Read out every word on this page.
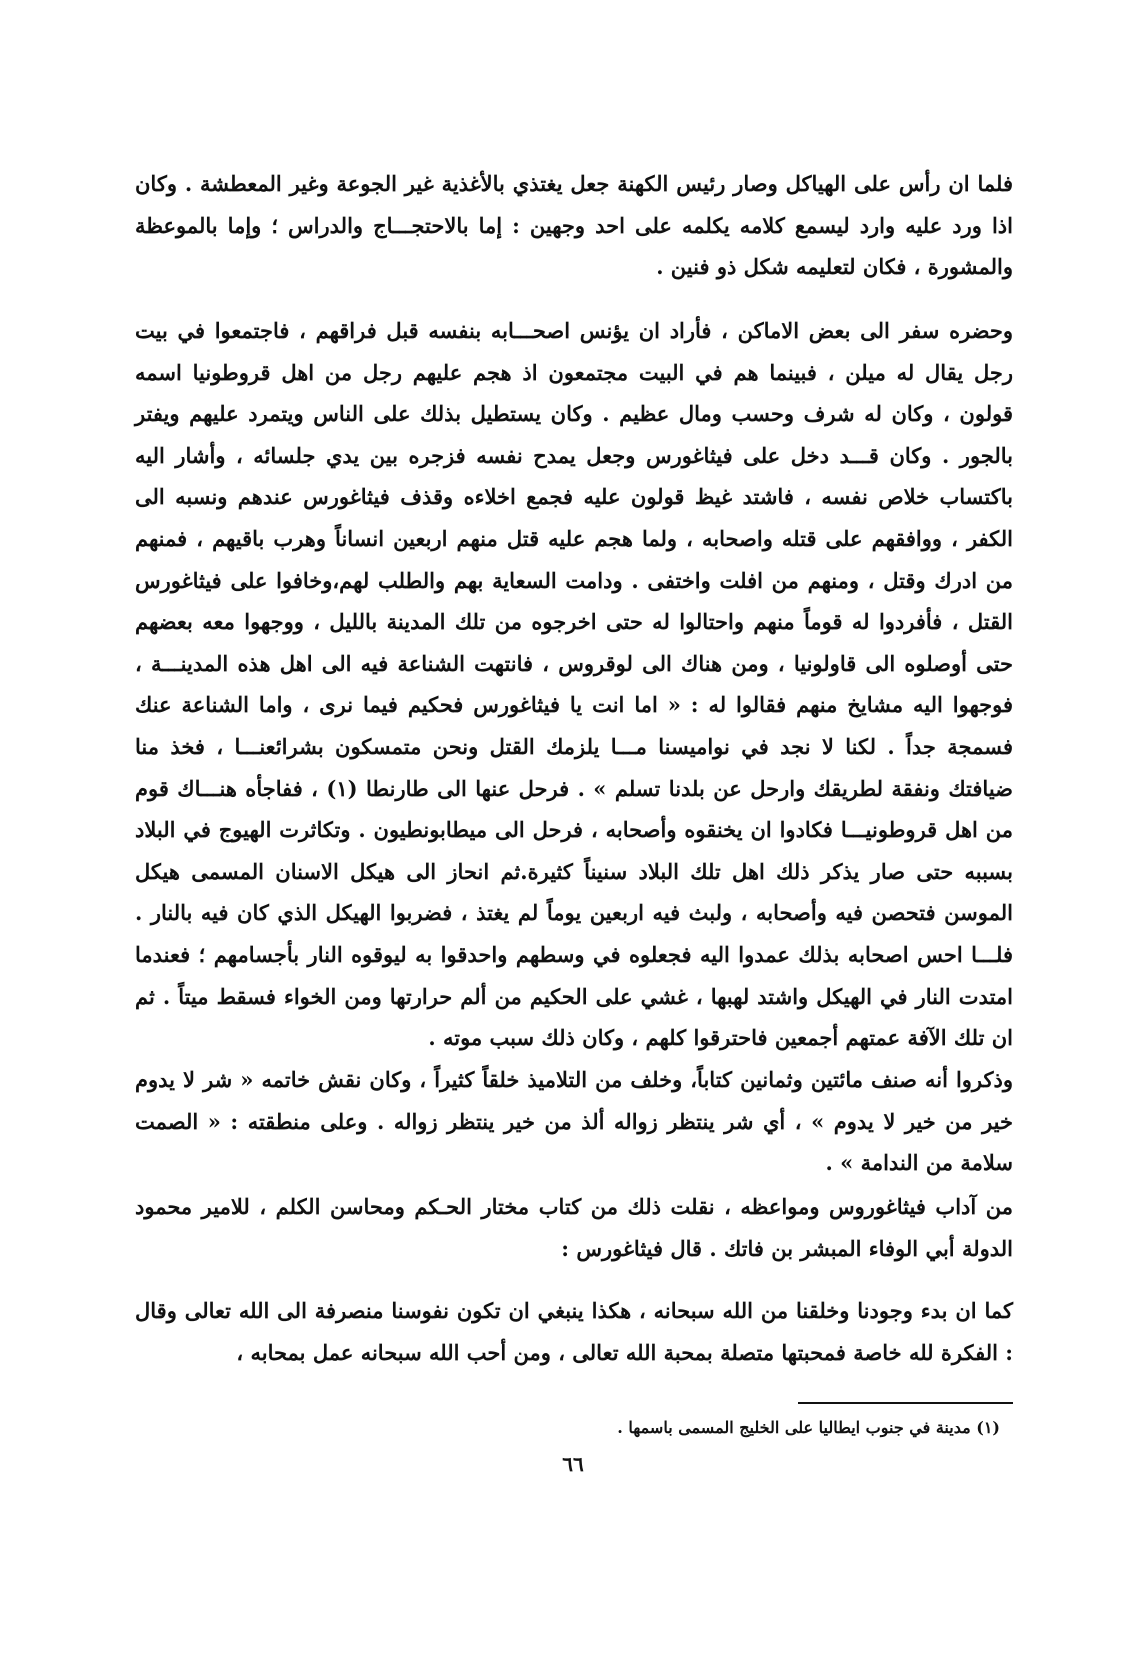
فلما ان رأس على الهياكل وصار رئيس الكهنة جعل يغتذي بالأغذية غير الجوعة وغير المعطشة . وكان اذا ورد عليه وارد ليسمع كلامه يكلمه على احد وجهين : إما بالاحتجـــاج والدراس ؛ وإما بالموعظة والمشورة ، فكان لتعليمه شكل ذو فنين .

وحضره سفر الى بعض الاماكن ، فأراد ان يؤنس اصحـــابه بنفسه قبل فراقهم ، فاجتمعوا في بيت رجل يقال له ميلن ، فبينما هم في البيت مجتمعون اذ هجم عليهم رجل من اهل قروطونيا اسمه قولون ، وكان له شرف وحسب ومال عظيم . وكان يستطيل بذلك على الناس ويتمرد عليهم ويفتر بالجور . وكان قـــد دخل على فيثاغورس وجعل يمدح نفسه فزجره بين يدي جلسائه ، وأشار اليه باكتساب خلاص نفسه ، فاشتد غيظ قولون عليه فجمع اخلاءه وقذف فيثاغورس عندهم ونسبه الى الكفر ، ووافقهم على قتله واصحابه ، ولما هجم عليه قتل منهم اربعين انساناً وهرب باقيهم ، فمنهم من ادرك وقتل ، ومنهم من افلت واختفى . ودامت السعاية بهم والطلب لهم،وخافوا على فيثاغورس القتل ، فأفردوا له قوماً منهم واحتالوا له حتى اخرجوه من تلك المدينة بالليل ، ووجهوا معه بعضهم حتى أوصلوه الى قاولونيا ، ومن هناك الى لوقروس ، فانتهت الشناعة فيه الى اهل هذه المدينـــة ، فوجهوا اليه مشايخ منهم فقالوا له : « اما انت يا فيثاغورس فحكيم فيما نرى ، واما الشناعة عنك فسمجة جداً . لكنا لا نجد في نواميسنا مـــا يلزمك القتل ونحن متمسكون بشرائعنـــا ، فخذ منا ضيافتك ونفقة لطريقك وارحل عن بلدنا تسلم » . فرحل عنها الى طارنطا (١) ، ففاجأه هنـــاك قوم من اهل قروطونيـــا فكادوا ان يخنقوه وأصحابه ، فرحل الى ميطابونطيون . وتكاثرت الهيوج في البلاد بسببه حتى صار يذكر ذلك اهل تلك البلاد سنيناً كثيرة.ثم انحاز الى هيكل الاسنان المسمى هيكل الموسن فتحصن فيه وأصحابه ، ولبث فيه اربعين يوماً لم يغتذ ، فضربوا الهيكل الذي كان فيه بالنار . فلـــا احس اصحابه بذلك عمدوا اليه فجعلوه في وسطهم واحدقوا به ليوقوه النار بأجسامهم ؛ فعندما امتدت النار في الهيكل واشتد لهبها ، غشي على الحكيم من ألم حرارتها ومن الخواء فسقط ميتاً . ثم ان تلك الآفة عمتهم أجمعين فاحترقوا كلهم ، وكان ذلك سبب موته .

وذكروا أنه صنف مائتين وثمانين كتاباً، وخلف من التلاميذ خلقاً كثيراً ، وكان نقش خاتمه « شر لا يدوم خير من خير لا يدوم » ، أي شر ينتظر زواله ألذ من خير ينتظر زواله . وعلى منطقته : « الصمت سلامة من الندامة » .

من آداب فيثاغوروس ومواعظه ، نقلت ذلك من كتاب مختار الحـكم ومحاسن الكلم ، للامير محمود الدولة أبي الوفاء المبشر بن فاتك . قال فيثاغورس :

كما ان بدء وجودنا وخلقنا من الله سبحانه ، هكذا ينبغي ان تكون نفوسنا منصرفة الى الله تعالى وقال : الفكرة لله خاصة فمحبتها متصلة بمحبة الله تعالى ، ومن أحب الله سبحانه عمل بمحابه ،

(١) مدينة في جنوب ايطاليا على الخليج المسمى باسمها .
٦٦
